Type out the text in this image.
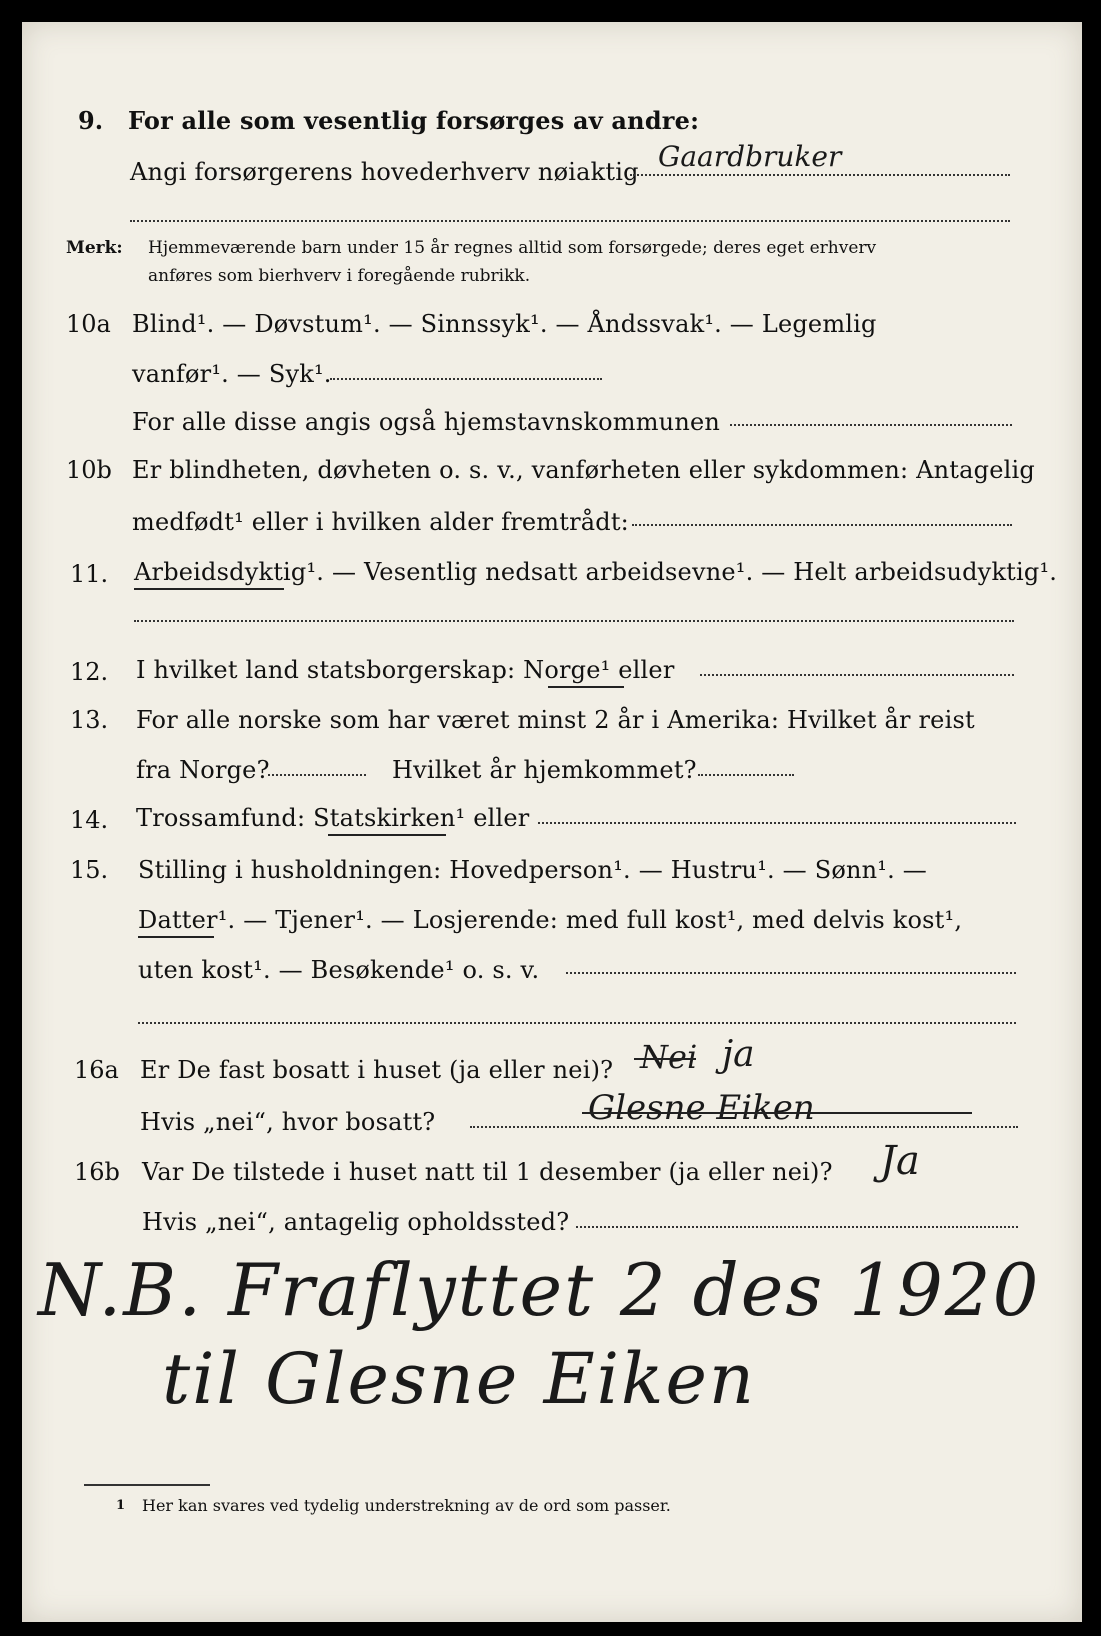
9. For alle som vesentlig forsørges av andre:
Angi forsørgerens hovederhverv nøiaktig Gaardbruker
Merk: Hjemmeværende barn under 15 år regnes alltid som forsørgede; deres eget erhverv
anføres som bierhverv i foregående rubrikk.
10a Blind¹. — Døvstum¹. — Sinnssyk¹. — Åndssvak¹. — Legemlig
vanfør¹. — Syk¹.
For alle disse angis også hjemstavnskommunen
10b Er blindheten, døvheten o. s. v., vanførheten eller sykdommen: Antagelig
medfødt¹ eller i hvilken alder fremtrådt:
11. Arbeidsdyktig¹. — Vesentlig nedsatt arbeidsevne¹. — Helt arbeidsudyktig¹.
12. I hvilket land statsborgerskap: Norge¹ eller
13. For alle norske som har været minst 2 år i Amerika: Hvilket år reist
fra Norge?	Hvilket år hjemkommet?
14. Trossamfund: Statskirken¹ eller
15. Stilling i husholdningen: Hovedperson¹. — Hustru¹. — Sønn¹. —
Datter¹. — Tjener¹. — Losjerende: med full kost¹, med delvis kost¹,
uten kost¹. — Besøkende¹ o. s. v.
16a Er De fast bosatt i huset (ja eller nei)? Nei ja
Hvis „nei“, hvor bosatt?	Glesne Eiken
16b Var De tilstede i huset natt til 1 desember (ja eller nei)? Ja
Hvis „nei“, antagelig opholdssted?
N.B. Fraflyttet 2 des 1920
til Glesne Eiken
1 Her kan svares ved tydelig understrekning av de ord som passer.
